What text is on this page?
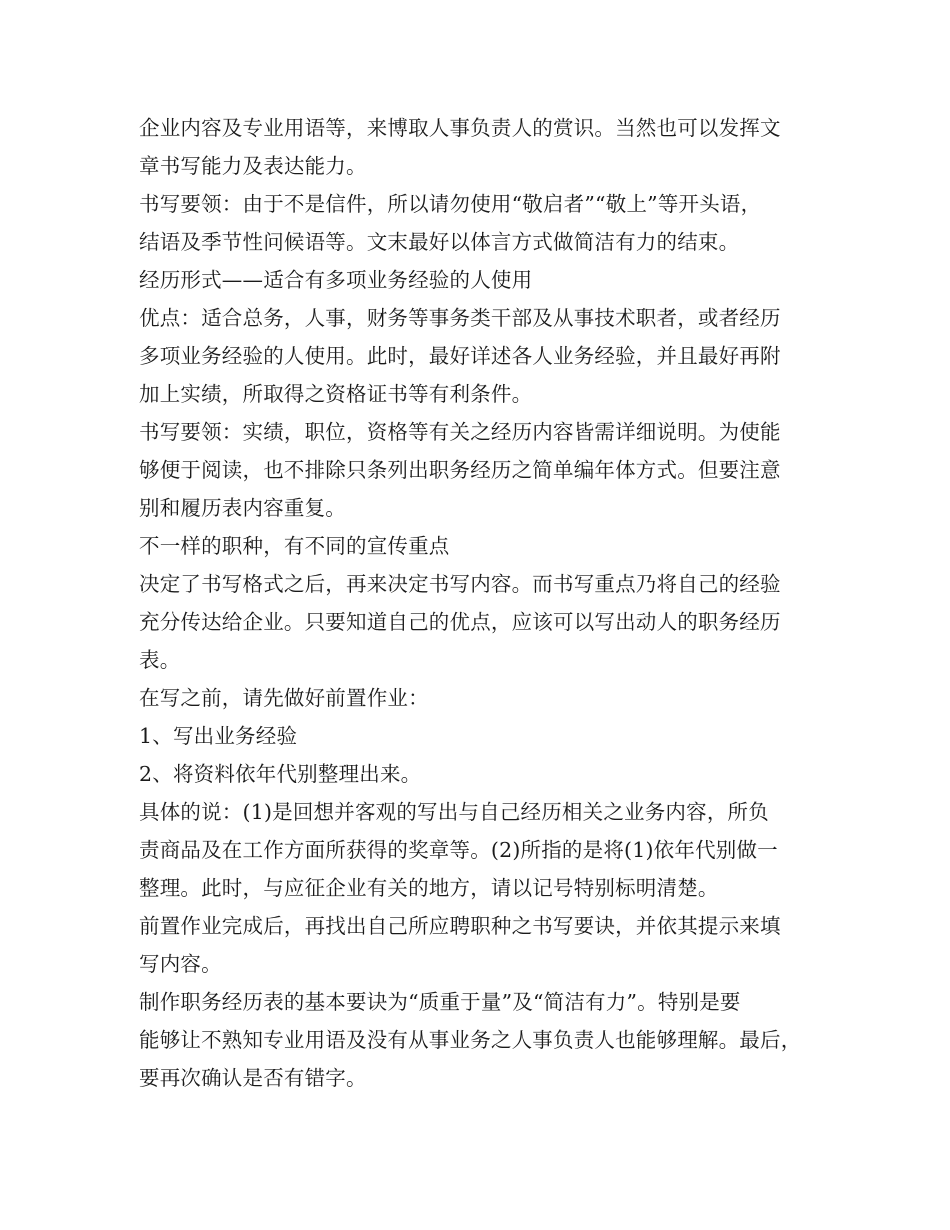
企业内容及专业用语等，来博取人事负责人的赏识。当然也可以发挥文
章书写能力及表达能力。
书写要领：由于不是信件，所以请勿使用“敬启者”“敬上”等开头语，
结语及季节性问候语等。文末最好以体言方式做简洁有力的结束。
经历形式——适合有多项业务经验的人使用
优点：适合总务，人事，财务等事务类干部及从事技术职者，或者经历
多项业务经验的人使用。此时，最好详述各人业务经验，并且最好再附
加上实绩，所取得之资格证书等有利条件。
书写要领：实绩，职位，资格等有关之经历内容皆需详细说明。为使能
够便于阅读，也不排除只条列出职务经历之简单编年体方式。但要注意
别和履历表内容重复。
不一样的职种，有不同的宣传重点
决定了书写格式之后，再来决定书写内容。而书写重点乃将自己的经验
充分传达给企业。只要知道自己的优点，应该可以写出动人的职务经历
表。
在写之前，请先做好前置作业：
1、写出业务经验
2、将资料依年代别整理出来。
具体的说：(1)是回想并客观的写出与自己经历相关之业务内容，所负
责商品及在工作方面所获得的奖章等。(2)所指的是将(1)依年代别做一
整理。此时，与应征企业有关的地方，请以记号特别标明清楚。
前置作业完成后，再找出自己所应聘职种之书写要诀，并依其提示来填
写内容。
制作职务经历表的基本要诀为“质重于量”及“简洁有力”。特别是要
能够让不熟知专业用语及没有从事业务之人事负责人也能够理解。最后，
要再次确认是否有错字。
